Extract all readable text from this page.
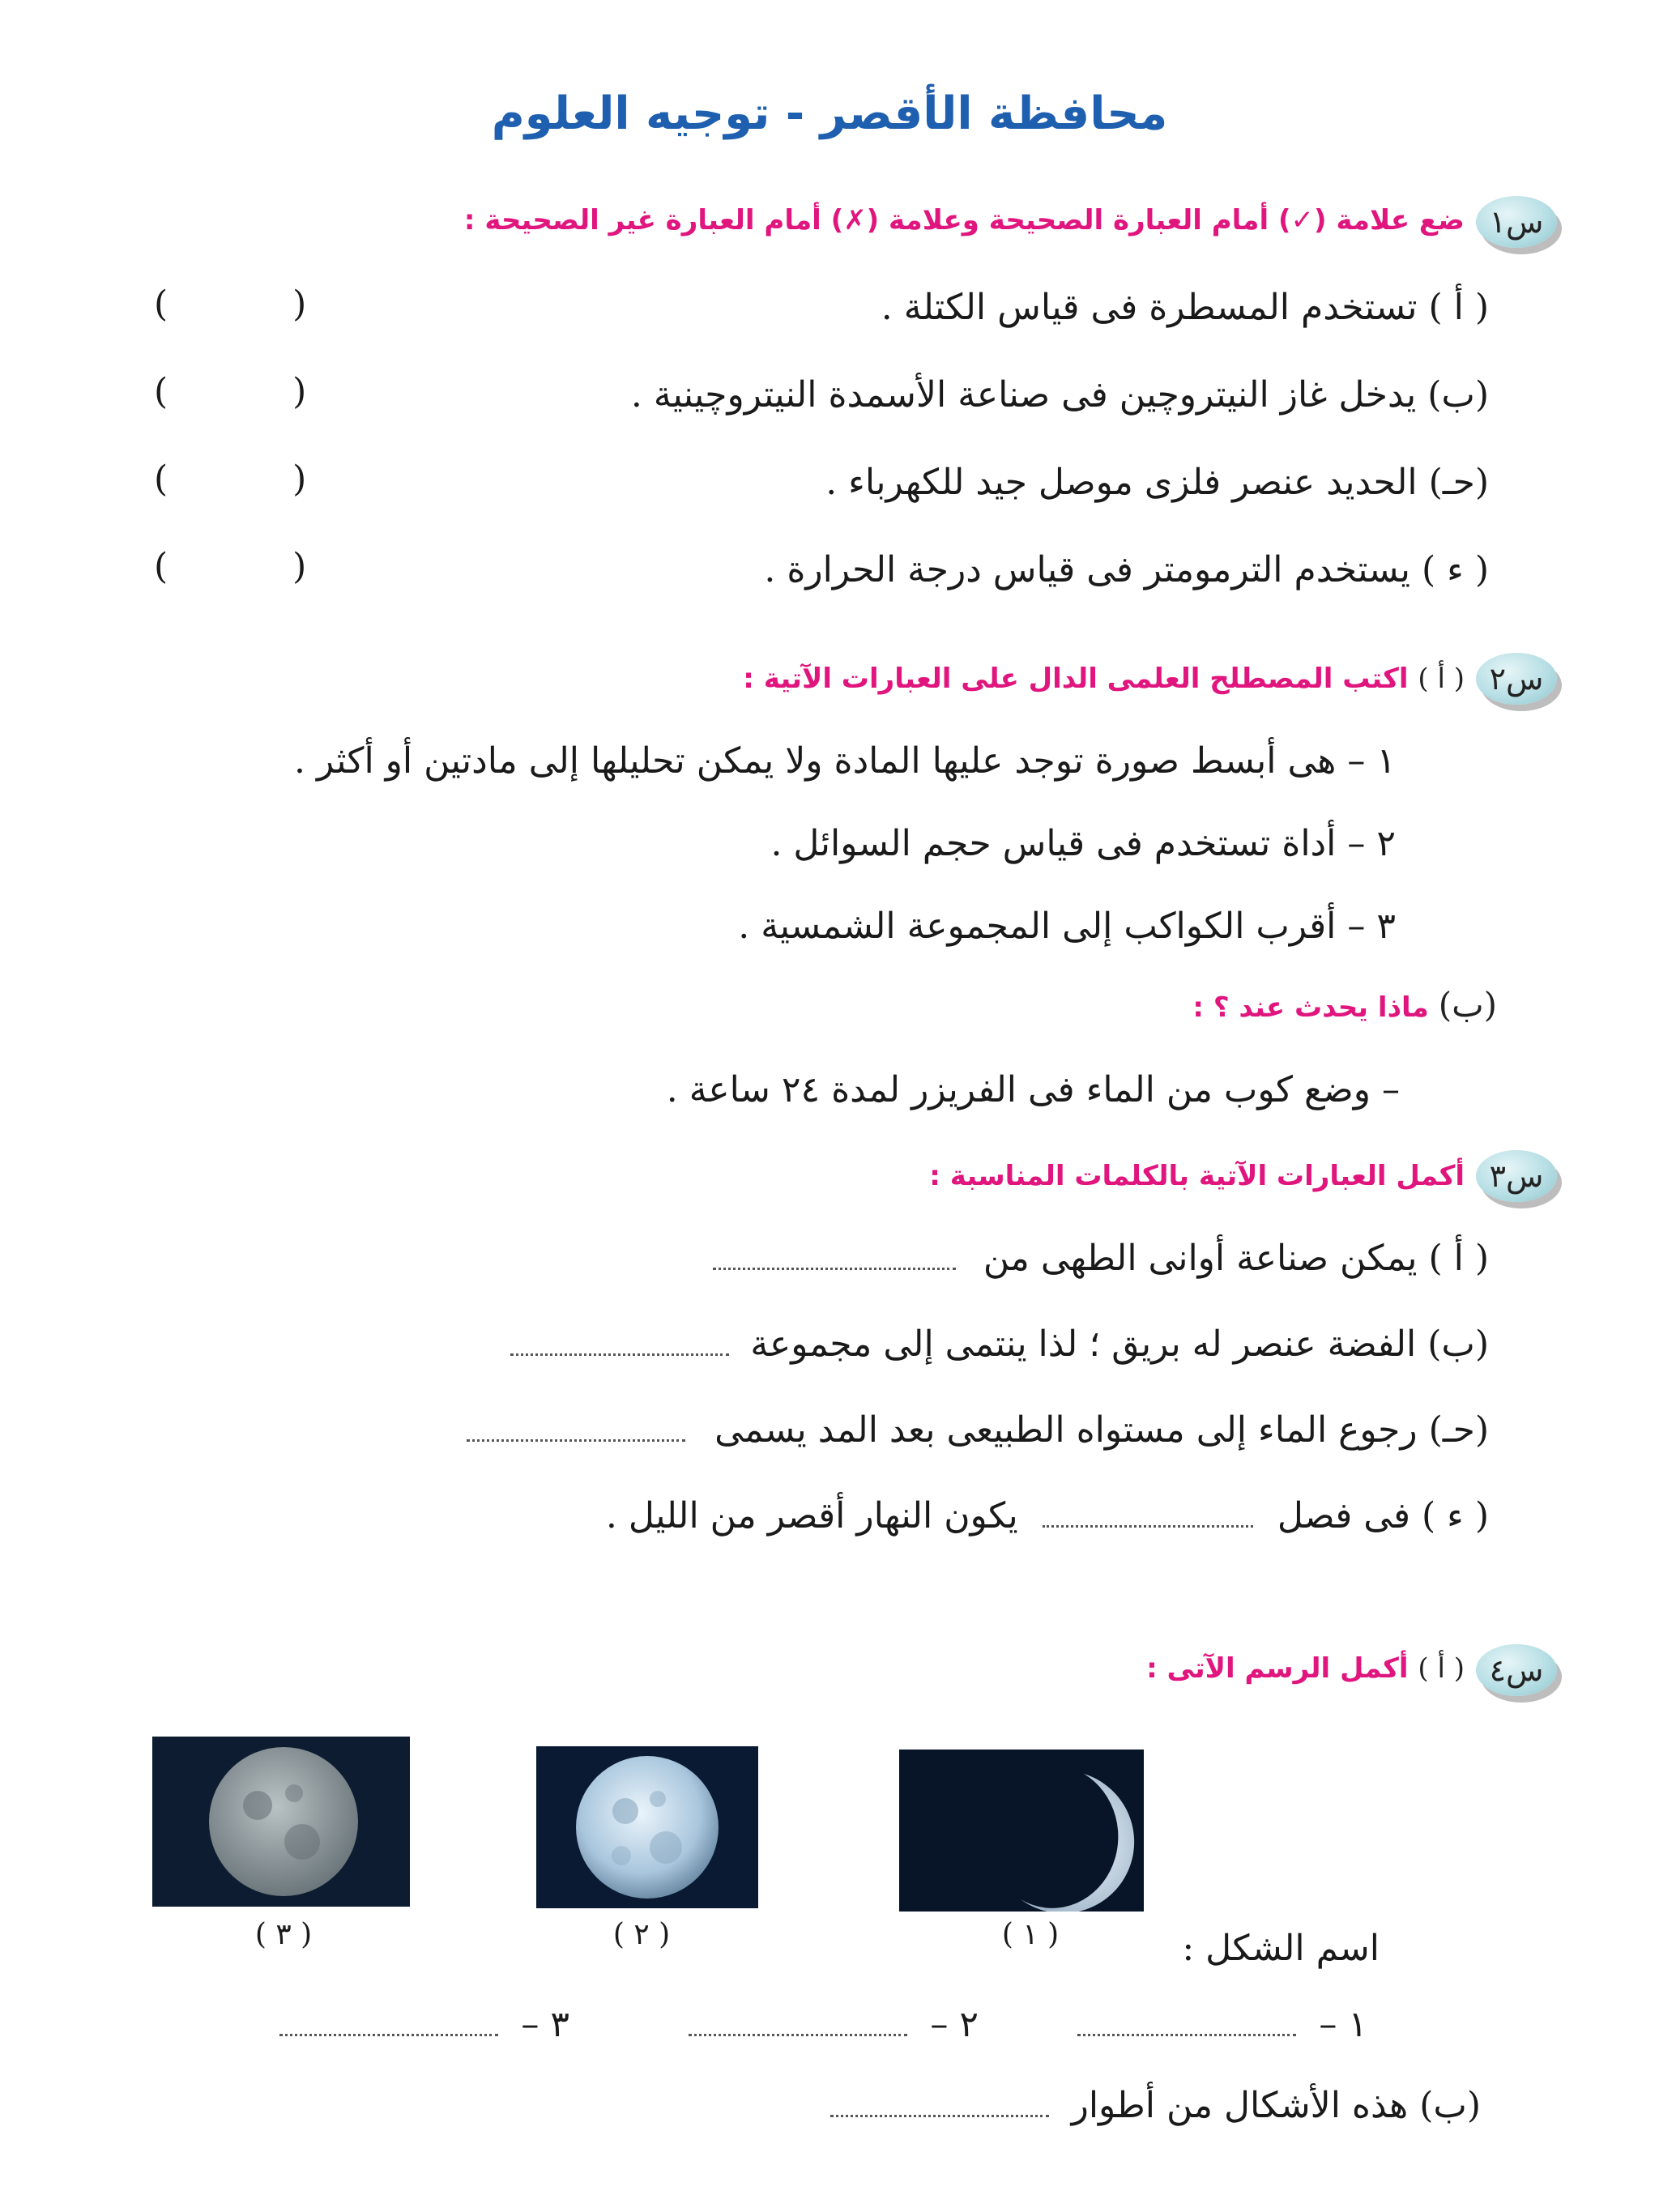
محافظة الأقصر - توجيه العلوم
س١
ضع علامة (✓) أمام العبارة الصحيحة وعلامة (✗) أمام العبارة غير الصحيحة :
( أ ) تستخدم المسطرة فى قياس الكتلة .
(ب) يدخل غاز النيتروچين فى صناعة الأسمدة النيتروچينية .
(حـ) الحديد عنصر فلزى موصل جيد للكهرباء .
( ء ) يستخدم الترمومتر فى قياس درجة الحرارة .
( )
( )
( )
( )
س٢
( أ ) اكتب المصطلح العلمى الدال على العبارات الآتية :
١ – هى أبسط صورة توجد عليها المادة ولا يمكن تحليلها إلى مادتين أو أكثر .
٢ – أداة تستخدم فى قياس حجم السوائل .
٣ – أقرب الكواكب إلى المجموعة الشمسية .
(ب) ماذا يحدث عند ؟ :
– وضع كوب من الماء فى الفريزر لمدة ٢٤ ساعة .
س٣
أكمل العبارات الآتية بالكلمات المناسبة :
( أ ) يمكن صناعة أوانى الطهى من
(ب) الفضة عنصر له بريق ؛ لذا ينتمى إلى مجموعة
(حـ) رجوع الماء إلى مستواه الطبيعى بعد المد يسمى
( ء ) فى فصل  يكون النهار أقصر من الليل .
س٤
( أ ) أكمل الرسم الآتى :
( ١ )
( ٢ )
( ٣ )	اسم الشكل :
١ –
٢ –
٣ –
(ب) هذه الأشكال من أطوار
